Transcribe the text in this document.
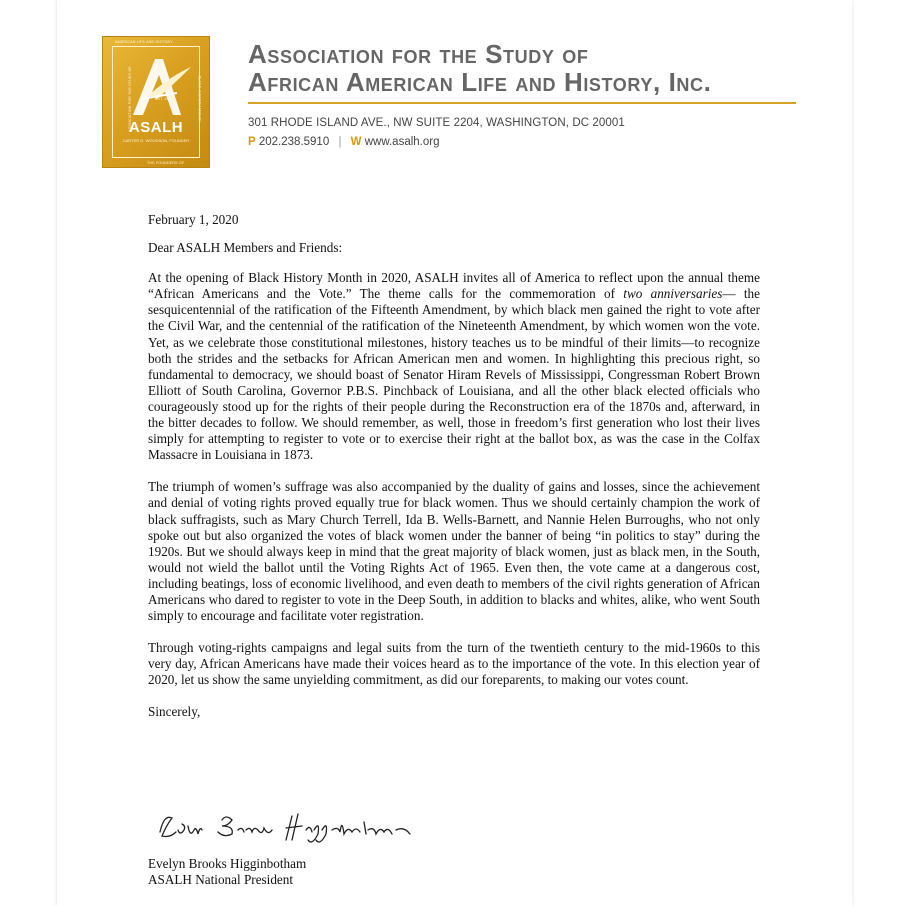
AMERICAN LIFE AND HISTORY
ASSOCIATION FOR THE STUDY OF	BLACK HISTORY MONTH
THE FOUNDERS OF
EST. 1915
ASALH
CARTER G. WOODSON, FOUNDER
Association for the Study of
African American Life and History, Inc.
301 RHODE ISLAND AVE., NW SUITE 2204, WASHINGTON, DC 20001
P 202.238.5910 | W www.asalh.org

February 1, 2020

Dear ASALH Members and Friends:

At the opening of Black History Month in 2020, ASALH invites all of America to reflect upon the annual theme “African Americans and the Vote.” The theme calls for the commemoration of two anniversaries— the sesquicentennial of the ratification of the Fifteenth Amendment, by which black men gained the right to vote after the Civil War, and the centennial of the ratification of the Nineteenth Amendment, by which women won the vote. Yet, as we celebrate those constitutional milestones, history teaches us to be mindful of their limits—to recognize both the strides and the setbacks for African American men and women. In highlighting this precious right, so fundamental to democracy, we should boast of Senator Hiram Revels of Mississippi, Congressman Robert Brown Elliott of South Carolina, Governor P.B.S. Pinchback of Louisiana, and all the other black elected officials who courageously stood up for the rights of their people during the Reconstruction era of the 1870s and, afterward, in the bitter decades to follow. We should remember, as well, those in freedom’s first generation who lost their lives simply for attempting to register to vote or to exercise their right at the ballot box, as was the case in the Colfax Massacre in Louisiana in 1873.

The triumph of women’s suffrage was also accompanied by the duality of gains and losses, since the achievement and denial of voting rights proved equally true for black women. Thus we should certainly champion the work of black suffragists, such as Mary Church Terrell, Ida B. Wells-Barnett, and Nannie Helen Burroughs, who not only spoke out but also organized the votes of black women under the banner of being “in politics to stay” during the 1920s. But we should always keep in mind that the great majority of black women, just as black men, in the South, would not wield the ballot until the Voting Rights Act of 1965. Even then, the vote came at a dangerous cost, including beatings, loss of economic livelihood, and even death to members of the civil rights generation of African Americans who dared to register to vote in the Deep South, in addition to blacks and whites, alike, who went South simply to encourage and facilitate voter registration.

Through voting-rights campaigns and legal suits from the turn of the twentieth century to the mid-1960s to this very day, African Americans have made their voices heard as to the importance of the vote. In this election year of 2020, let us show the same unyielding commitment, as did our foreparents, to making our votes count.

Sincerely,

Evelyn Brooks Higginbotham
ASALH National President
